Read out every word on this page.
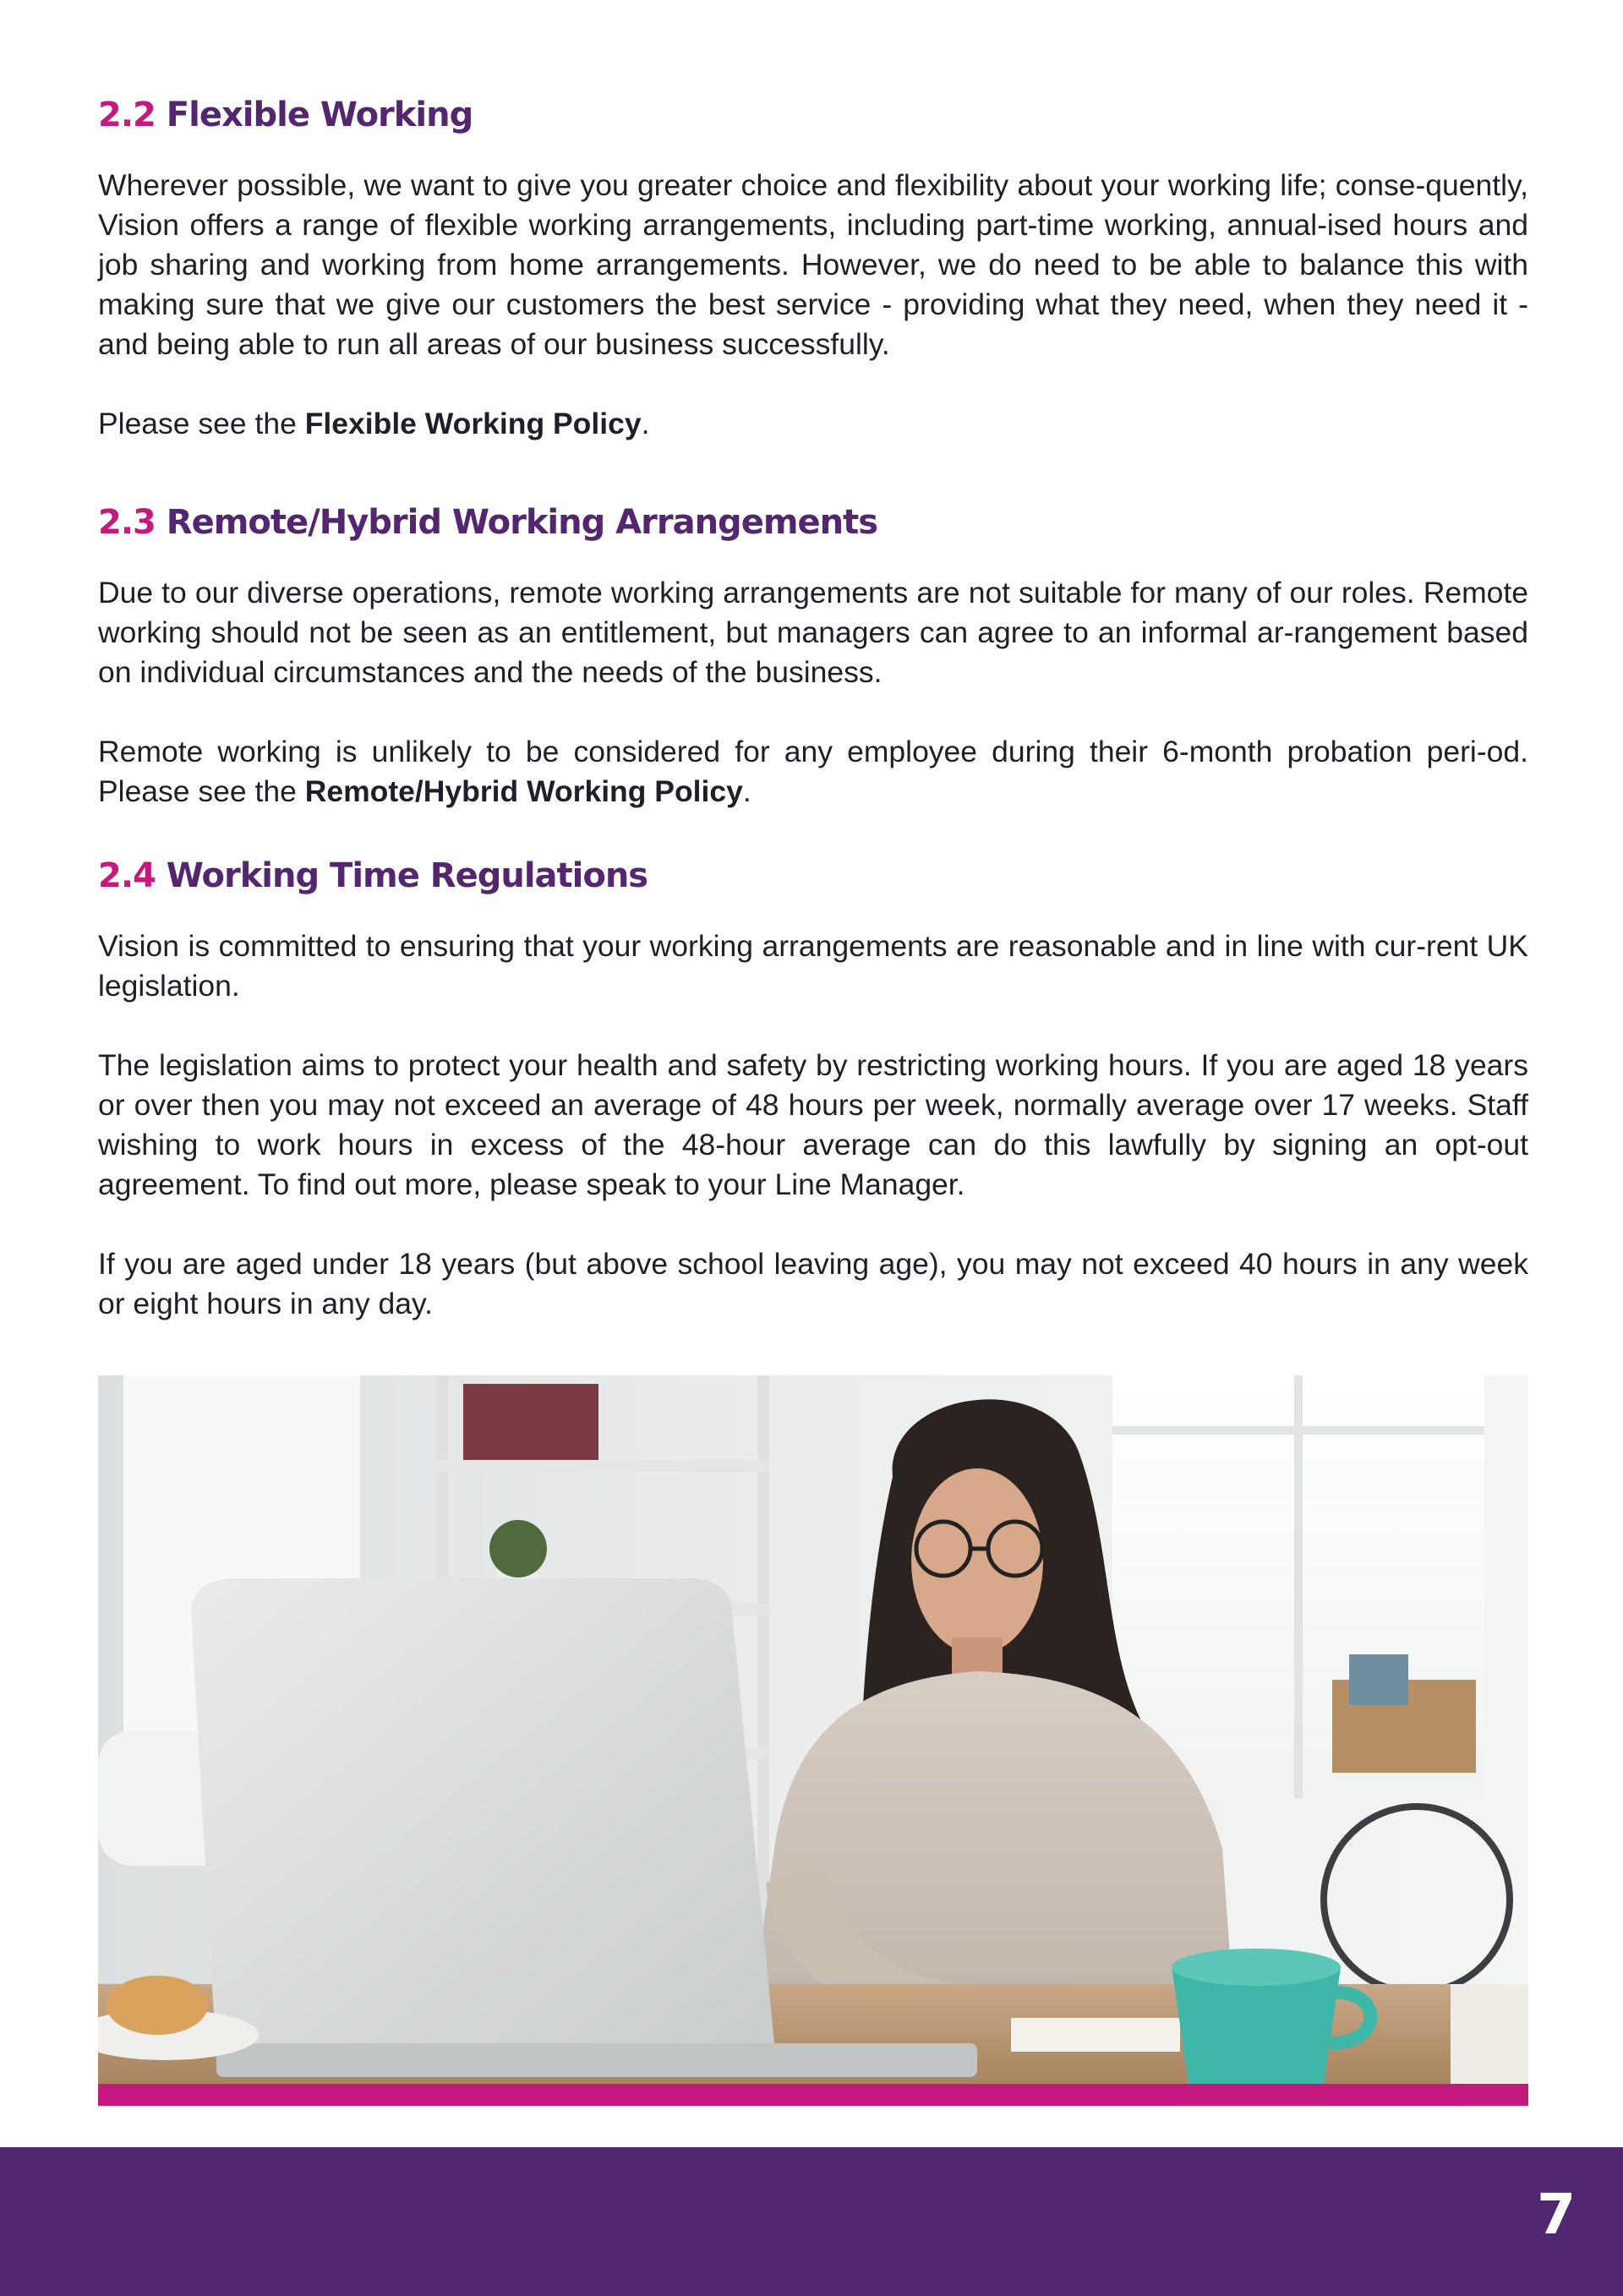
2.2 Flexible Working

Wherever possible, we want to give you greater choice and flexibility about your working life; conse-quently, Vision offers a range of flexible working arrangements, including part-time working, annual-ised hours and job sharing and working from home arrangements. However, we do need to be able to balance this with making sure that we give our customers the best service - providing what they need, when they need it - and being able to run all areas of our business successfully.

Please see the Flexible Working Policy.

2.3 Remote/Hybrid Working Arrangements

Due to our diverse operations, remote working arrangements are not suitable for many of our roles. Remote working should not be seen as an entitlement, but managers can agree to an informal ar-rangement based on individual circumstances and the needs of the business.

Remote working is unlikely to be considered for any employee during their 6-month probation peri-od. Please see the Remote/Hybrid Working Policy.

2.4 Working Time Regulations

Vision is committed to ensuring that your working arrangements are reasonable and in line with cur-rent UK legislation.

The legislation aims to protect your health and safety by restricting working hours. If you are aged 18 years or over then you may not exceed an average of 48 hours per week, normally average over 17 weeks. Staff wishing to work hours in excess of the 48-hour average can do this lawfully by signing an opt-out agreement. To find out more, please speak to your Line Manager.

If you are aged under 18 years (but above school leaving age), you may not exceed 40 hours in any week or eight hours in any day.

7
